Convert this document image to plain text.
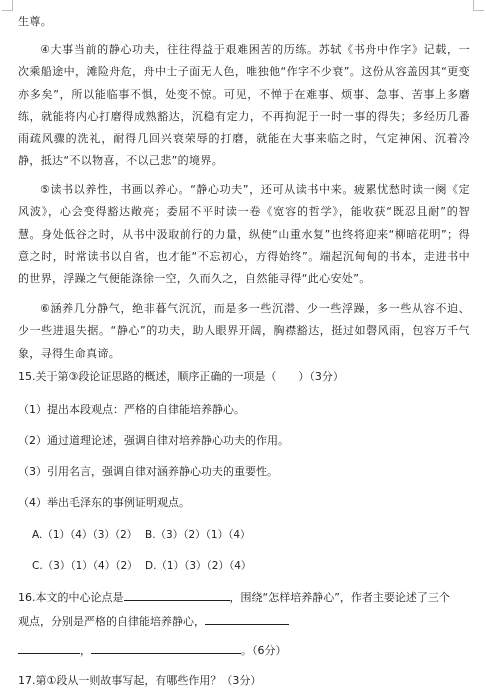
生尊。

④大事当前的静心功夫，往往得益于艰难困苦的历练。苏轼《书舟中作字》记载，一次乘船途中，滩险舟危，舟中士子面无人色，唯独他“作字不少衰”。这份从容盖因其“更变亦多矣”，所以能临事不惧，处变不惊。可见，不惮于在难事、烦事、急事、苦事上多磨练，就能将内心打磨得成熟豁达，沉稳有定力，不再拘泥于一时一事的得失；多经历几番雨疏风骤的洗礼，耐得几回兴衰荣辱的打磨，就能在大事来临之时，气定神闲、沉着冷静，抵达“不以物喜，不以己悲”的境界。

⑤读书以养性，书画以养心。“静心功夫”，还可从读书中来。疲累忧愁时读一阕《定风波》，心会变得豁达敞亮；委屈不平时读一卷《宽容的哲学》，能收获“既忍且耐”的智慧。身处低谷之时，从书中汲取前行的力量，纵使“山重水复”也终将迎来“柳暗花明”；得意之时，时常读书以自省，也才能“不忘初心，方得始终”。端起沉甸甸的书本，走进书中的世界，浮躁之气便能涤徐一空，久而久之，自然能寻得“此心安处”。

⑥涵养几分静气，绝非暮气沉沉，而是多一些沉潜、少一些浮躁，多一些从容不迫、少一些进退失据。“静心”的功夫，助人眼界开阔，胸襟豁达，挺过如磬风雨，包容万千气象，寻得生命真谛。

15.关于第③段论证思路的概述，顺序正确的一项是（　　）（3分）
（1）提出本段观点：严格的自律能培养静心。
（2）通过道理论述，强调自律对培养静心功夫的作用。
（3）引用名言，强调自律对涵养静心功夫的重要性。
（4）举出毛泽东的事例证明观点。
A.（1）（4）（3）（2） B.（3）（2）（1）（4）
C.（3）（1）（4）（2） D.（1）（3）（2）（4）
16.本文的中心论点是	，围绕“怎样培养静心”，作者主要论述了三个
观点，分别是严格的自律能培养静心，
，	。（6分）
17.第①段从一则故事写起，有哪些作用？（3分）
